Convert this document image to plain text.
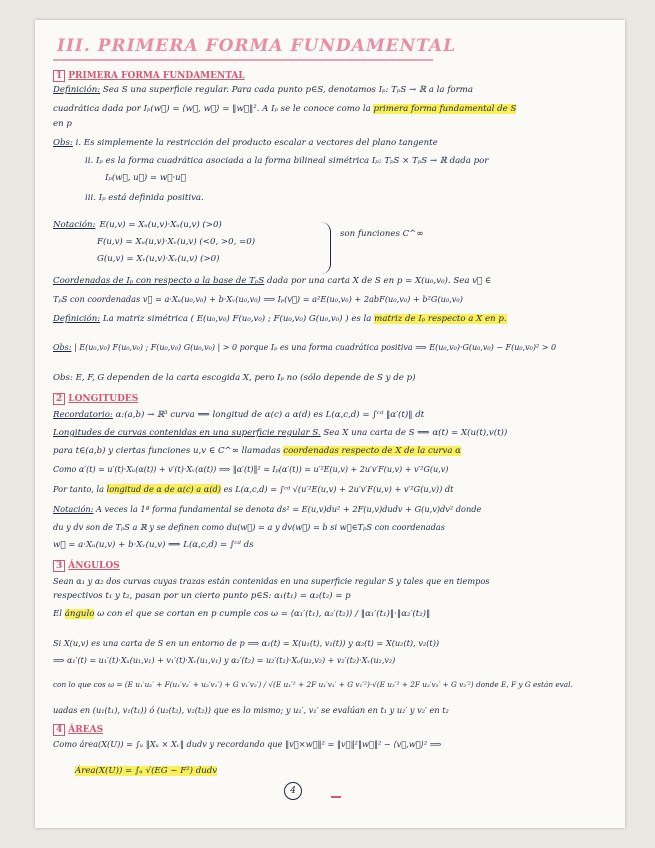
III. PRIMERA FORMA FUNDAMENTAL
1 PRIMERA FORMA FUNDAMENTAL
Definición: Sea S una superficie regular. Para cada punto p∈S, denotamos Iₚ: TₚS → ℝ a la forma
cuadrática dada por Iₚ(w⃗) = ⟨w⃗, w⃗⟩ = ‖w⃗‖². A Iₚ se le conoce como la primera forma fundamental de S
en p
Obs: i. Es simplemente la restricción del producto escalar a vectores del plano tangente
ii. Iₚ es la forma cuadrática asociada a la forma bilineal simétrica Iₚ: TₚS × TₚS → ℝ dada por
Iₚ(w⃗, u⃗) = w⃗·u⃗
iii. Iₚ está definida positiva.
Notación: E(u,v) = Xᵤ(u,v)·Xᵤ(u,v) (>0)
F(u,v) = Xᵤ(u,v)·Xᵥ(u,v) (<0, >0, =0)
G(u,v) = Xᵥ(u,v)·Xᵥ(u,v) (>0)
son funciones C^∞
Coordenadas de Iₚ con respecto a la base de TₚS dada por una carta X de S en p = X(u₀,v₀). Sea v⃗ ∈
TₚS con coordenadas v⃗ = a·Xᵤ(u₀,v₀) + b·Xᵥ(u₀,v₀) ⟹ Iₚ(v⃗) = a²E(u₀,v₀) + 2abF(u₀,v₀) + b²G(u₀,v₀)
Definición: La matriz simétrica ( E(u₀,v₀) F(u₀,v₀) ; F(u₀,v₀) G(u₀,v₀) ) es la matriz de Iₚ respecto a X en p.
Obs: | E(u₀,v₀) F(u₀,v₀) ; F(u₀,v₀) G(u₀,v₀) | > 0 porque Iₚ es una forma cuadrática positiva ⟹ E(u₀,v₀)·G(u₀,v₀) − F(u₀,v₀)² > 0
Obs: E, F, G dependen de la carta escogida X, pero Iₚ no (sólo depende de S y de p)
2 LONGITUDES
Recordatorio: α:(a,b) → ℝ³ curva ⟹ longitud de α(c) a α(d) es L(α,c,d) = ∫ᶜᵈ ‖α′(t)‖ dt
Longitudes de curvas contenidas en una superficie regular S. Sea X una carta de S ⟹ α(t) = X(u(t),v(t))
para t∈(a,b) y ciertas funciones u,v ∈ C^∞ llamadas coordenadas respecto de X de la curva α
Como α′(t) = u′(t)·Xᵤ(α(t)) + v′(t)·Xᵥ(α(t)) ⟹ ‖α′(t)‖² = Iₚ(α′(t)) = u′²E(u,v) + 2u′v′F(u,v) + v′²G(u,v)
Por tanto, la longitud de α de α(c) a α(d) es L(α,c,d) = ∫ᶜᵈ √(u′²E(u,v) + 2u′v′F(u,v) + v′²G(u,v)) dt
Notación: A veces la 1ª forma fundamental se denota ds² = E(u,v)du² + 2F(u,v)dudv + G(u,v)dv² donde
du y dv son de TₚS a ℝ y se definen como du(w⃗) = a y dv(w⃗) = b si w⃗∈TₚS con coordenadas
w⃗ = a·Xᵤ(u,v) + b·Xᵥ(u,v) ⟹ L(α,c,d) = ∫ᶜᵈ ds
3 ÁNGULOS
Sean α₁ y α₂ dos curvas cuyas trazas están contenidas en una superficie regular S y tales que en tiempos
respectivos t₁ y t₂, pasan por un cierto punto p∈S: α₁(t₁) = α₂(t₂) = p
El ángulo ω con el que se cortan en p cumple cos ω = ⟨α₁′(t₁), α₂′(t₂)⟩ / ‖α₁′(t₁)‖·‖α₂′(t₂)‖
Si X(u,v) es una carta de S en un entorno de p ⟹ α₁(t) = X(u₁(t), v₁(t)) y α₂(t) = X(u₂(t), v₂(t))
⟹ α₁′(t) = u₁′(t)·Xᵤ(u₁,v₁) + v₁′(t)·Xᵥ(u₁,v₁) y α₂′(t₂) = u₂′(t₂)·Xᵤ(u₂,v₂) + v₂′(t₂)·Xᵥ(u₂,v₂)
con lo que cos ω = (E u₁′u₂′ + F(u₁′v₂′ + u₂′v₁′) + G v₁′v₂′) / √(E u₁′² + 2F u₁′v₁′ + G v₁′²)·√(E u₂′² + 2F u₂′v₂′ + G v₂′²) donde E, F y G están eval.
uadas en (u₁(t₁), v₁(t₁)) ó (u₂(t₂), v₂(t₂)) que es lo mismo; y u₁′, v₁′ se evalúan en t₁ y u₂′ y v₂′ en t₂
4 ÁREAS
Como área(X(U)) = ∫ᵤ ‖Xᵤ × Xᵥ‖ dudv y recordando que ‖v⃗×w⃗‖² = ‖v⃗‖²‖w⃗‖² − ⟨v⃗,w⃗⟩² ⟹
Área(X(U)) = ∫ᵤ √(EG − F²) dudv
4
